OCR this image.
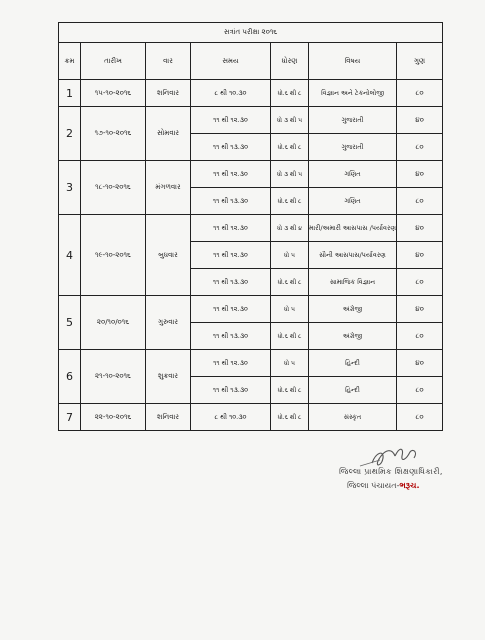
સત્રાંત પરીક્ષા ૨૦૧૬						
ક્રમ	તારીખ	વાર	સમય	ધોરણ	વિષય	ગુણ
1	૧૫-૧૦-૨૦૧૬	શનિવાર	૮ થી ૧૦.૩૦	ધો.૬ થી ૮	વિજ્ઞાન અને ટેકનોલોજી	૮૦
2	૧૭-૧૦-૨૦૧૬	સોમવાર	૧૧ થી ૧૨.૩૦	ધો ૩ થી ૫	ગુજરાતી	૪૦
			૧૧ થી ૧૩.૩૦	ધો.૬ થી ૮	ગુજરાતી	૮૦
3	૧૮-૧૦-૨૦૧૬	મંગળવાર	૧૧ થી ૧૨.૩૦	ધો ૩ થી ૫	ગણિત	૪૦
			૧૧ થી ૧૩.૩૦	ધો.૬ થી ૮	ગણિત	૮૦
4	૧૯-૧૦-૨૦૧૬	બુધવાર	૧૧ થી ૧૨.૩૦	ધો ૩ થી ૪	મારી/અમારી આસપાસ /પર્યાવરણ	૪૦
			૧૧ થી ૧૨.૩૦	ધો ૫	સૌની આસપાસ/પર્યાવરણ	૪૦
			૧૧ થી ૧૩.૩૦	ધો.૬ થી ૮	સામાજિક વિજ્ઞાન	૮૦
5	૨૦/૧૦/૦૧૬	ગુરુવાર	૧૧ થી ૧૨.૩૦	ધો ૫	અંગ્રેજી	૪૦
			૧૧ થી ૧૩.૩૦	ધો.૬ થી ૮	અંગ્રેજી	૮૦
6	૨૧-૧૦-૨૦૧૬	શુક્રવાર	૧૧ થી ૧૨.૩૦	ધો ૫	હિન્દી	૪૦
			૧૧ થી ૧૩.૩૦	ધો.૬ થી ૮	હિન્દી	૮૦
7	૨૨-૧૦-૨૦૧૬	શનિવાર	૮ થી ૧૦.૩૦	ધો.૬ થી ૮	સંસ્કૃત	૮૦
જિલ્લા પ્રાથમિક શિક્ષણાધિકારી,
જિલ્લા પંચાયત-ભરૂચ.
